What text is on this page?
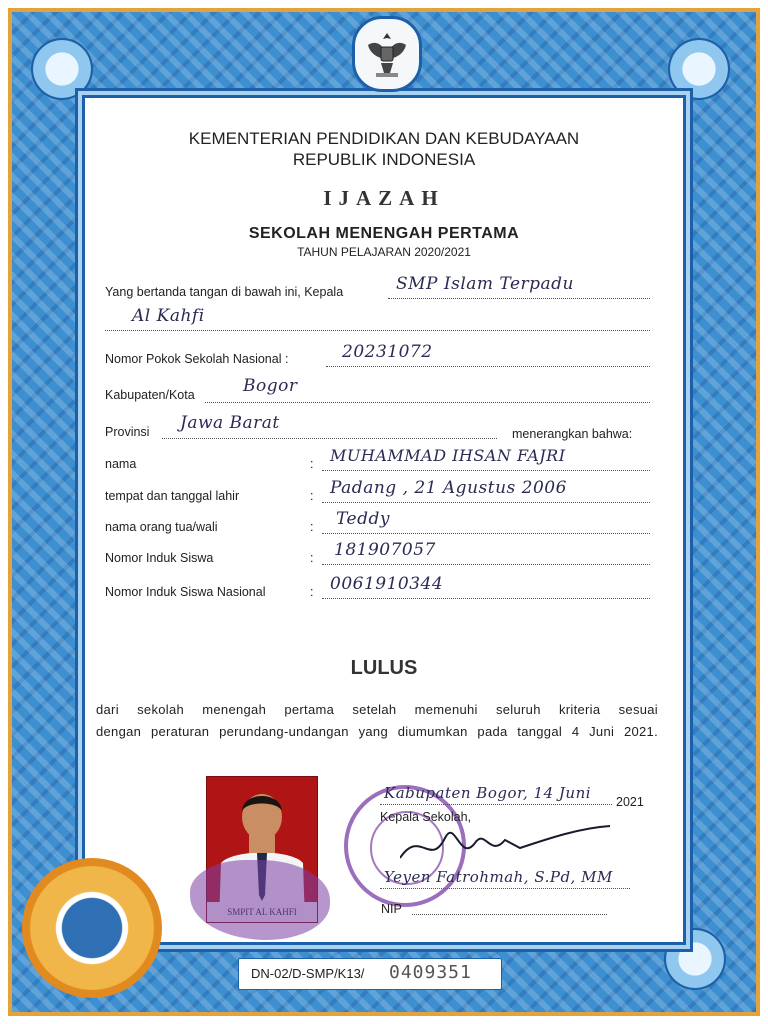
KEMENTERIAN PENDIDIKAN DAN KEBUDAYAAN
REPUBLIK INDONESIA
IJAZAH
SEKOLAH MENENGAH PERTAMA
TAHUN PELAJARAN 2020/2021
Yang bertanda tangan di bawah ini, Kepala	SMP Islam Terpadu
Al Kahfi
Nomor Pokok Sekolah Nasional :	20231072
Kabupaten/Kota	Bogor
Provinsi Jawa Barat
menerangkan bahwa:
nama	: MUHAMMAD IHSAN FAJRI
tempat dan tanggal lahir	: Padang , 21 Agustus 2006
nama orang tua/wali	: Teddy
Nomor Induk Siswa	: 181907057
Nomor Induk Siswa Nasional	: 0061910344
LULUS
dari sekolah menengah pertama setelah memenuhi seluruh kriteria sesuai
dengan peraturan perundang-undangan yang diumumkan pada tanggal 4 Juni 2021.
Kabupaten Bogor, 14 Juni 2021
Kepala Sekolah,
Yeyen Fatrohmah, S.Pd, MM
NIP
DN-02/D-SMP/K13/ 0409351
